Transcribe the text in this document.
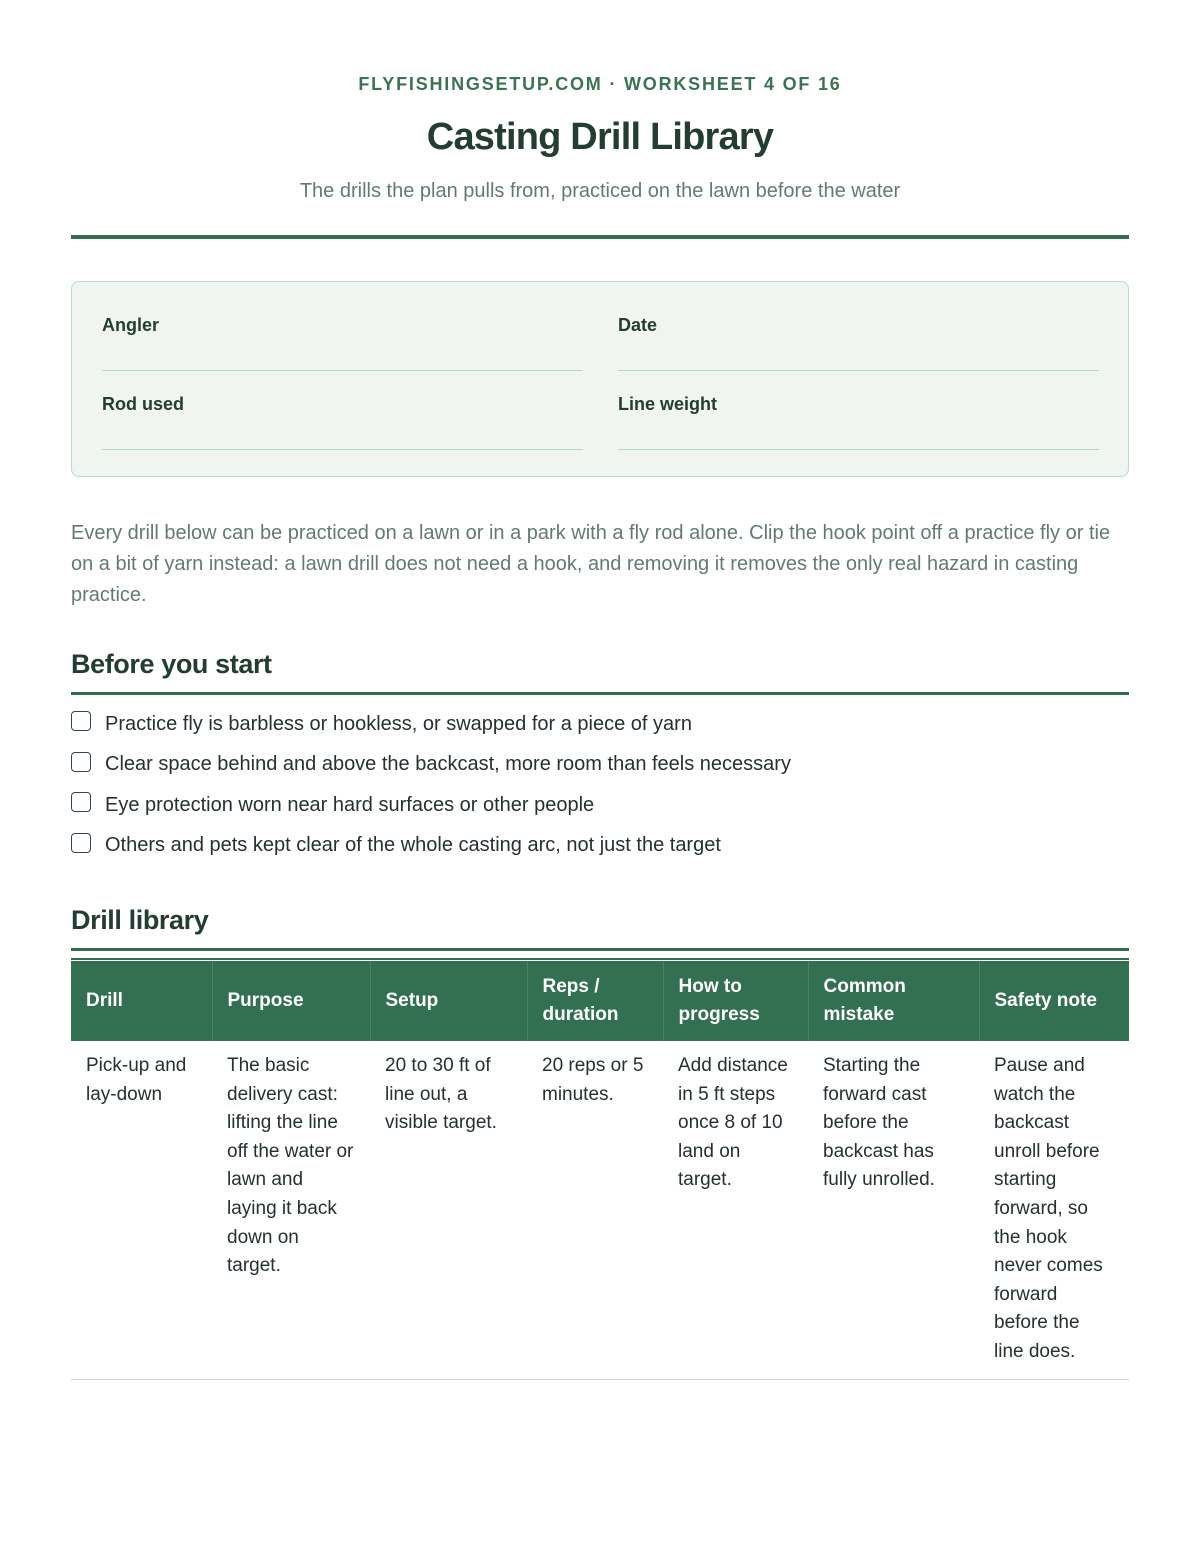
FLYFISHINGSETUP.COM · WORKSHEET 4 OF 16
Casting Drill Library
The drills the plan pulls from, practiced on the lawn before the water
Angler	Date
Rod used	Line weight

Every drill below can be practiced on a lawn or in a park with a fly rod alone. Clip the hook point off a practice fly or tie on a bit of yarn instead: a lawn drill does not need a hook, and removing it removes the only real hazard in casting practice.

Before you start
Practice fly is barbless or hookless, or swapped for a piece of yarn
Clear space behind and above the backcast, more room than feels necessary
Eye protection worn near hard surfaces or other people
Others and pets kept clear of the whole casting arc, not just the target
Drill library
Drill	Purpose	Setup	Reps / duration	How to progress	Common mistake	Safety note
Pick-up and lay-down	The basic delivery cast: lifting the line off the water or lawn and laying it back down on target.	20 to 30 ft of line out, a visible target.	20 reps or 5 minutes.	Add distance in 5 ft steps once 8 of 10 land on target.	Starting the forward cast before the backcast has fully unrolled.	Pause and watch the backcast unroll before starting forward, so the hook never comes forward before the line does.
